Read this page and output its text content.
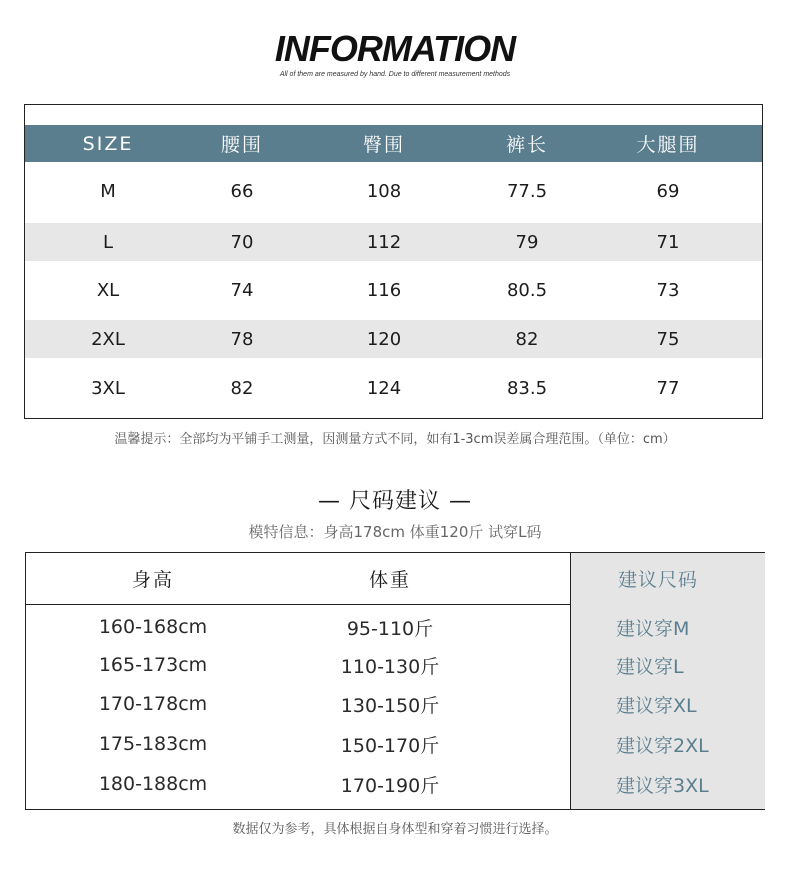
INFORMATION
All of them are measured by hand. Due to different measurement methods
SIZE	腰围	臀围	裤长	大腿围
M	66	108	77.5	69
L	70	112	79	71
XL	74	116	80.5	73
2XL	78	120	82	75
3XL	82	124	83.5	77
温馨提示：全部均为平铺手工测量，因测量方式不同，如有1-3cm误差属合理范围。（单位：cm）
— 尺码建议 —
模特信息：身高178cm 体重120斤 试穿L码
身高	体重	建议尺码
160-168cm	95-110斤	建议穿M
165-173cm	110-130斤	建议穿L
170-178cm	130-150斤	建议穿XL
175-183cm	150-170斤	建议穿2XL
180-188cm	170-190斤	建议穿3XL
数据仅为参考，具体根据自身体型和穿着习惯进行选择。
